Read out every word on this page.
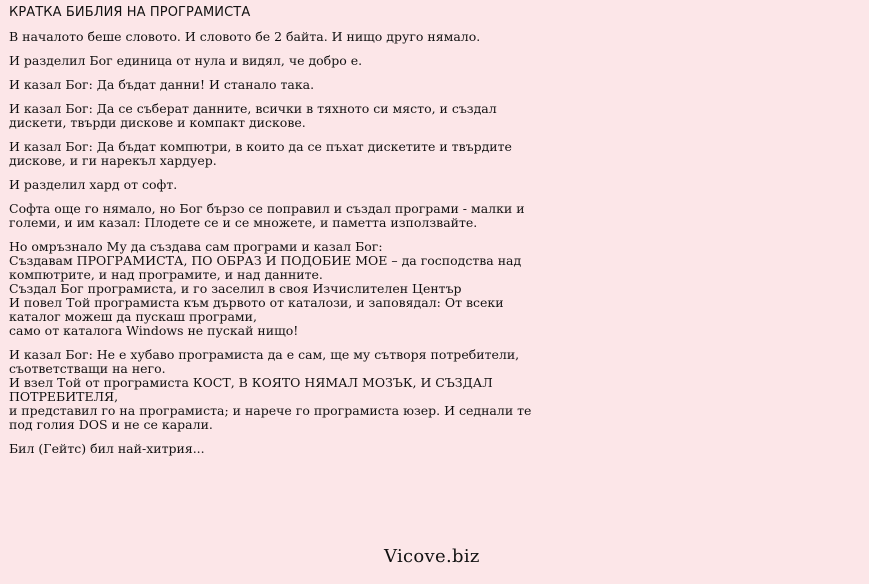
КРАТКА БИБЛИЯ НА ПРОГРАМИСТА
В началото беше словото. И словото бе 2 байта. И нищо друго нямало.
И разделил Бог единица от нула и видял, че добро е.
И казал Бог: Да бъдат данни! И станало така.
И казал Бог: Да се съберат данните, всички в тяхното си място, и създал дискети, твърди дискове и компакт дискове.
И казал Бог: Да бъдат компютри, в които да се пъхат дискетите и твърдите дискове, и ги нарекъл хардуер.
И разделил хард от софт.
Софта още го нямало, но Бог бързо се поправил и създал програми - малки и големи, и им казал: Плодете се и се множете, и паметта използвайте.
Но омръзнало Му да създава сам програми и казал Бог:
Създавам ПРОГРАМИСТА, ПО ОБРАЗ И ПОДОБИЕ МОЕ – да господства над компютрите, и над програмите, и над данните.
Създал Бог програмиста, и го заселил в своя Изчислителен Център
И повел Той програмиста към дървото от каталози, и заповядал: От всеки каталог можеш да пускаш програми,
само от каталога Windows не пускай нищо!
И казал Бог: Не е хубаво програмиста да е сам, ще му сътворя потребители, съответстващи на него.
И взел Той от програмиста КОСТ, В КОЯТО НЯМАЛ МОЗЪК, И СЪЗДАЛ ПОТРЕБИТЕЛЯ,
и представил го на програмиста; и нарече го програмиста юзер. И седнали те под голия DOS и не се карали.
Бил (Гейтс) бил най-хитрия...
Vicove.biz
